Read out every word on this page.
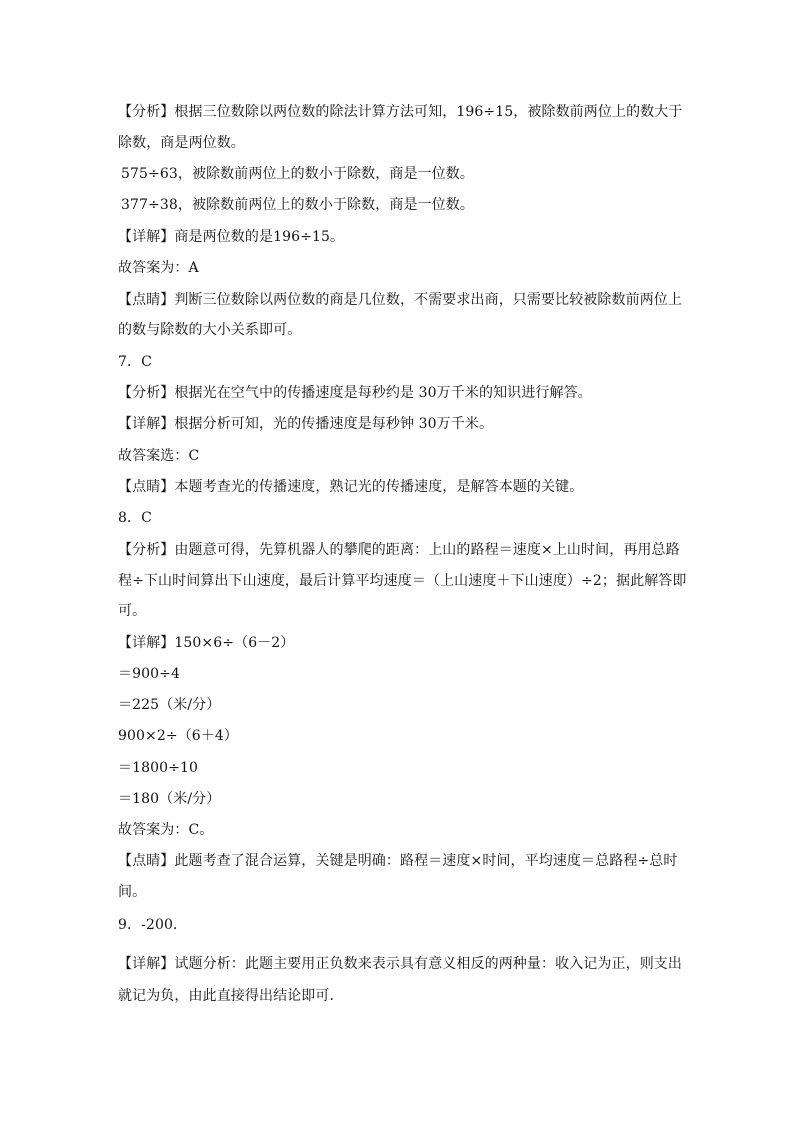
【分析】根据三位数除以两位数的除法计算方法可知，196÷15，被除数前两位上的数大于
除数，商是两位数。
575÷63，被除数前两位上的数小于除数，商是一位数。
377÷38，被除数前两位上的数小于除数，商是一位数。
【详解】商是两位数的是196÷15。
故答案为：A
【点睛】判断三位数除以两位数的商是几位数，不需要求出商，只需要比较被除数前两位上
的数与除数的大小关系即可。
7．C
【分析】根据光在空气中的传播速度是每秒约是 30万千米的知识进行解答。
【详解】根据分析可知，光的传播速度是每秒钟 30万千米。
故答案选：C
【点睛】本题考查光的传播速度，熟记光的传播速度，是解答本题的关键。
8．C
【分析】由题意可得，先算机器人的攀爬的距离：上山的路程＝速度×上山时间，再用总路
程÷下山时间算出下山速度，最后计算平均速度＝（上山速度＋下山速度）÷2；据此解答即
可。
【详解】150×6÷（6－2）
＝900÷4
＝225（米/分）
900×2÷（6＋4）
＝1800÷10
＝180（米/分）
故答案为：C。
【点睛】此题考查了混合运算，关键是明确：路程＝速度×时间，平均速度＝总路程÷总时
间。
9．-200．
【详解】试题分析：此题主要用正负数来表示具有意义相反的两种量：收入记为正，则支出
就记为负，由此直接得出结论即可．
